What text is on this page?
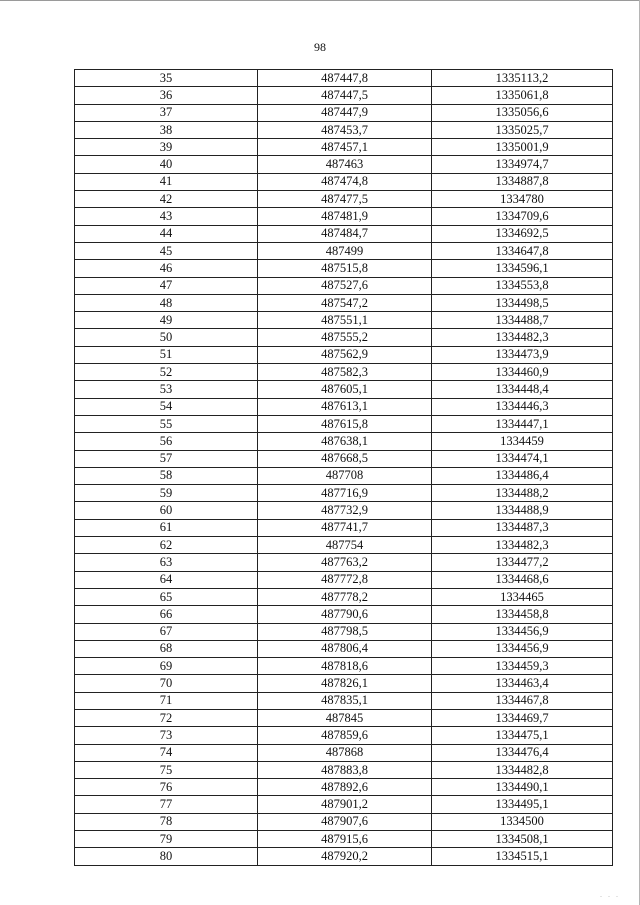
98
35	487447,8	1335113,2
36	487447,5	1335061,8
37	487447,9	1335056,6
38	487453,7	1335025,7
39	487457,1	1335001,9
40	487463	1334974,7
41	487474,8	1334887,8
42	487477,5	1334780
43	487481,9	1334709,6
44	487484,7	1334692,5
45	487499	1334647,8
46	487515,8	1334596,1
47	487527,6	1334553,8
48	487547,2	1334498,5
49	487551,1	1334488,7
50	487555,2	1334482,3
51	487562,9	1334473,9
52	487582,3	1334460,9
53	487605,1	1334448,4
54	487613,1	1334446,3
55	487615,8	1334447,1
56	487638,1	1334459
57	487668,5	1334474,1
58	487708	1334486,4
59	487716,9	1334488,2
60	487732,9	1334488,9
61	487741,7	1334487,3
62	487754	1334482,3
63	487763,2	1334477,2
64	487772,8	1334468,6
65	487778,2	1334465
66	487790,6	1334458,8
67	487798,5	1334456,9
68	487806,4	1334456,9
69	487818,6	1334459,3
70	487826,1	1334463,4
71	487835,1	1334467,8
72	487845	1334469,7
73	487859,6	1334475,1
74	487868	1334476,4
75	487883,8	1334482,8
76	487892,6	1334490,1
77	487901,2	1334495,1
78	487907,6	1334500
79	487915,6	1334508,1
80	487920,2	1334515,1
. . .
